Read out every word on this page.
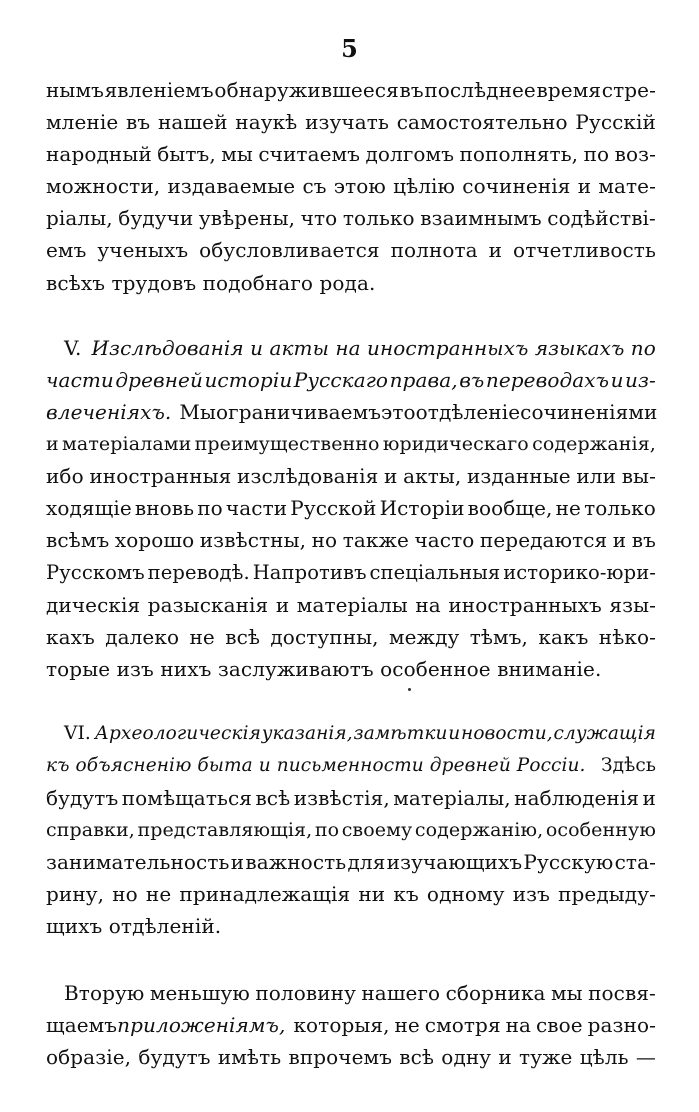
5
нымъ явленіемъ обнаружившееся въ послѣднее время стре-
мленіе въ нашей наукѣ изучать самостоятельно Русскій
народный бытъ, мы считаемъ долгомъ пополнять, по воз-
можности, издаваемые съ этою цѣлію сочиненія и мате-
ріалы, будучи увѣрены, что только взаимнымъ содѣйстві-
емъ ученыхъ обусловливается полнота и отчетливость
всѣхъ трудовъ подобнаго рода.
V. Изслѣдованія и акты на иностранныхъ языкахъ по
части древней исторіи Русскаго права, въ переводахъ и из-
влеченіяхъ. Мы ограничиваемъ это отдѣленіе сочиненіями
и матеріалами преимущественно юридическаго содержанія,
ибо иностранныя изслѣдованія и акты, изданные или вы-
ходящіе вновь по части Русской Исторіи вообще, не только
всѣмъ хорошо извѣстны, но также часто передаются и въ
Русскомъ переводѣ. Напротивъ спеціальныя историко-юри-
дическія разысканія и матеріалы на иностранныхъ язы-
кахъ далеко не всѣ доступны, между тѣмъ, какъ нѣко-
торые изъ нихъ заслуживаютъ особенное вниманіе.
VI. Археологическія указанія, замѣтки и новости, служащія
къ объясненію быта и письменности древней Россіи. Здѣсь
будутъ помѣщаться всѣ извѣстія, матеріалы, наблюденія и
справки, представляющія, по своему содержанію, особенную
занимательность и важность для изучающихъ Русскую ста-
рину, но не принадлежащія ни къ одному изъ предыду-
щихъ отдѣленій.
Вторую меньшую половину нашего сборника мы посвя-
щаемъ приложеніямъ, которыя, не смотря на свое разно-
образіе, будутъ имѣть впрочемъ всѣ одну и туже цѣль —
